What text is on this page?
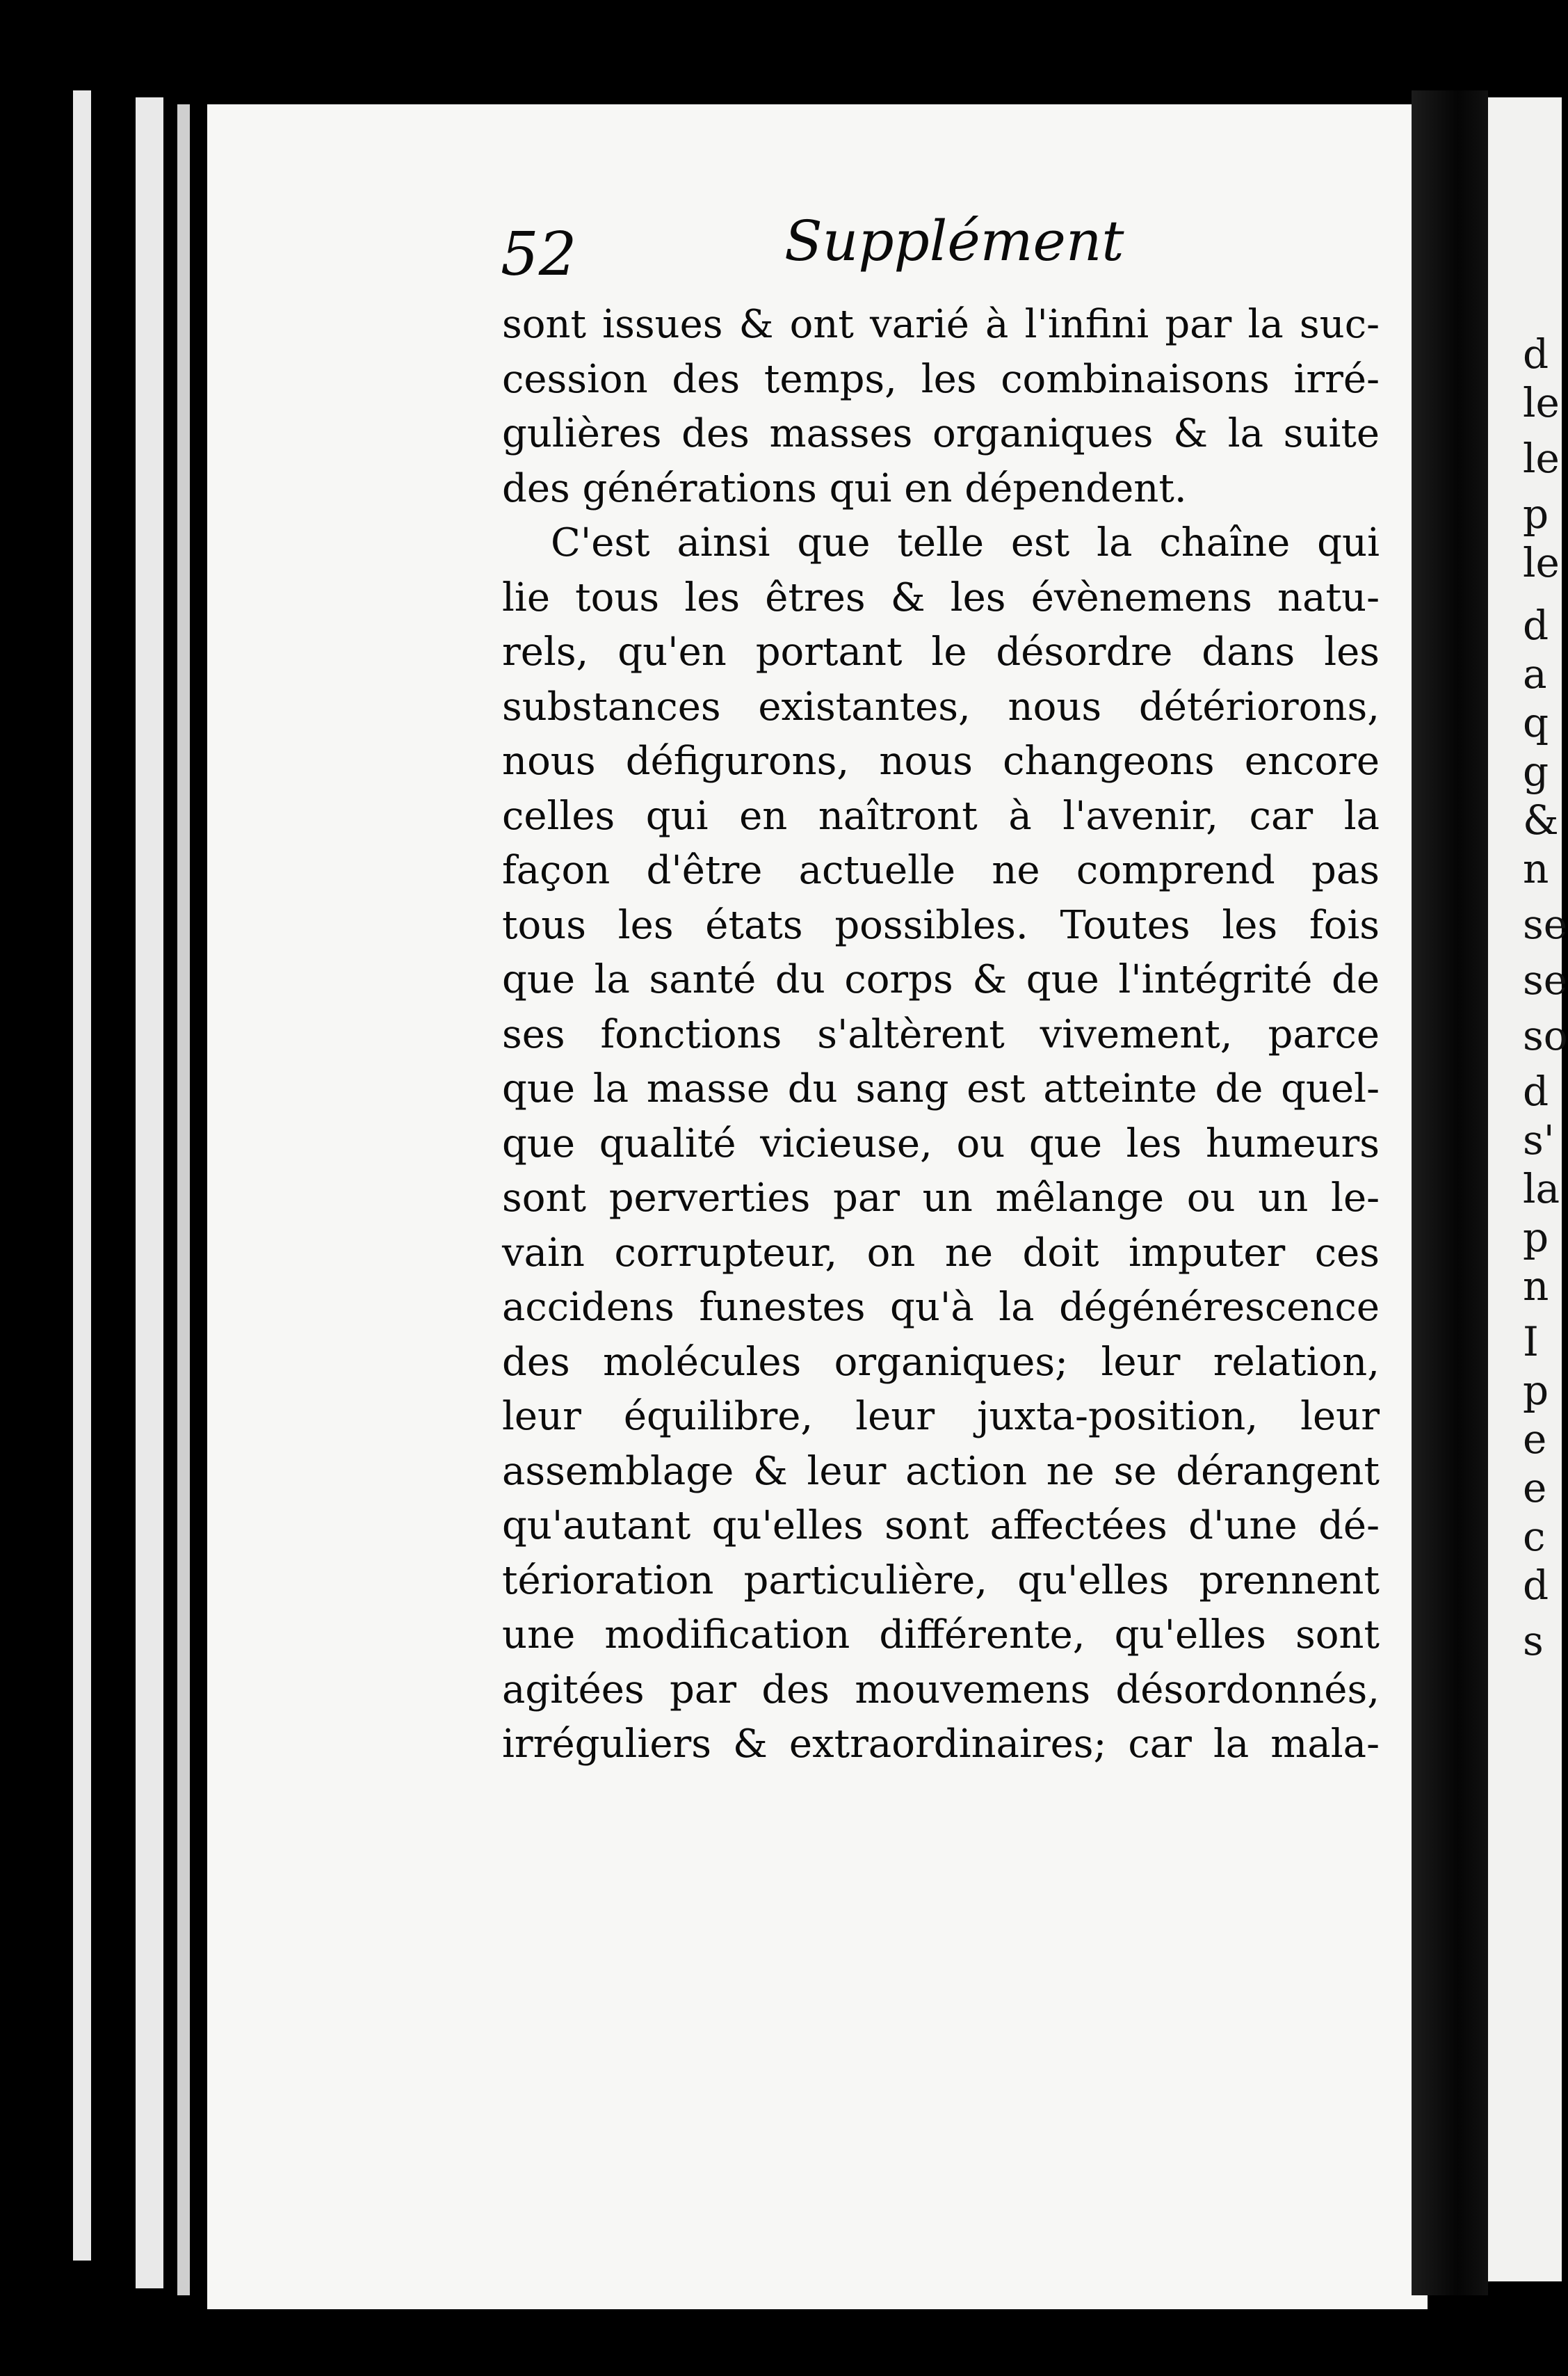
d
le
le
p
le
d
a
q
g
&
n
se
se
so
d
s'
la
p
n
I
p
e
e
c
d
s
52	Supplément
sont issues & ont varié à l'infini par la suc-
cession des temps, les combinaisons irré-
gulières des masses organiques & la suite
des générations qui en dépendent.
C'est ainsi que telle est la chaîne qui
lie tous les êtres & les évènemens natu-
rels, qu'en portant le désordre dans les
substances existantes, nous détériorons,
nous défigurons, nous changeons encore
celles qui en naîtront à l'avenir, car la
façon d'être actuelle ne comprend pas
tous les états possibles. Toutes les fois
que la santé du corps & que l'intégrité de
ses fonctions s'altèrent vivement, parce
que la masse du sang est atteinte de quel-
que qualité vicieuse, ou que les humeurs
sont perverties par un mêlange ou un le-
vain corrupteur, on ne doit imputer ces
accidens funestes qu'à la dégénérescence
des molécules organiques; leur relation,
leur équilibre, leur juxta-position, leur
assemblage & leur action ne se dérangent
qu'autant qu'elles sont affectées d'une dé-
térioration particulière, qu'elles prennent
une modification différente, qu'elles sont
agitées par des mouvemens désordonnés,
irréguliers & extraordinaires; car la mala-
